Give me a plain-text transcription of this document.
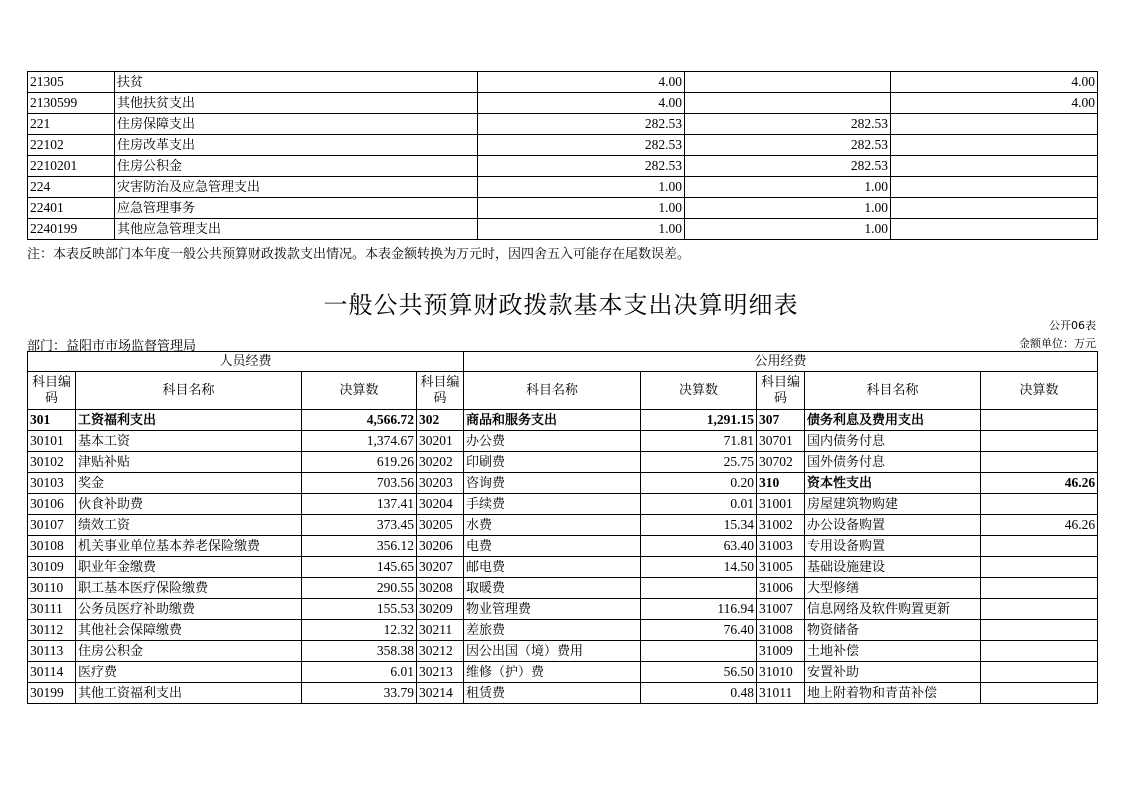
21305	扶贫	4.00		4.00
2130599	其他扶贫支出	4.00		4.00
221	住房保障支出	282.53	282.53	
22102	住房改革支出	282.53	282.53	
2210201	住房公积金	282.53	282.53	
224	灾害防治及应急管理支出	1.00	1.00	
22401	应急管理事务	1.00	1.00	
2240199	其他应急管理支出	1.00	1.00	
注：本表反映部门本年度一般公共预算财政拨款支出情况。本表金额转换为万元时，因四舍五入可能存在尾数误差。
一般公共预算财政拨款基本支出决算明细表
公开06表
部门：益阳市市场监督管理局	金额单位：万元
人员经费				公用经费				
科目编码	科目名称	决算数	科目编码	科目名称	决算数	科目编码	科目名称	决算数
301	工资福利支出	4,566.72	302	商品和服务支出	1,291.15	307	债务利息及费用支出	
30101	基本工资	1,374.67	30201	办公费	71.81	30701	国内债务付息	
30102	津贴补贴	619.26	30202	印刷费	25.75	30702	国外债务付息	
30103	奖金	703.56	30203	咨询费	0.20	310	资本性支出	46.26
30106	伙食补助费	137.41	30204	手续费	0.01	31001	房屋建筑物购建	
30107	绩效工资	373.45	30205	水费	15.34	31002	办公设备购置	46.26
30108	机关事业单位基本养老保险缴费	356.12	30206	电费	63.40	31003	专用设备购置	
30109	职业年金缴费	145.65	30207	邮电费	14.50	31005	基础设施建设	
30110	职工基本医疗保险缴费	290.55	30208	取暖费		31006	大型修缮	
30111	公务员医疗补助缴费	155.53	30209	物业管理费	116.94	31007	信息网络及软件购置更新	
30112	其他社会保障缴费	12.32	30211	差旅费	76.40	31008	物资储备	
30113	住房公积金	358.38	30212	因公出国（境）费用		31009	土地补偿	
30114	医疗费	6.01	30213	维修（护）费	56.50	31010	安置补助	
30199	其他工资福利支出	33.79	30214	租赁费	0.48	31011	地上附着物和青苗补偿	
